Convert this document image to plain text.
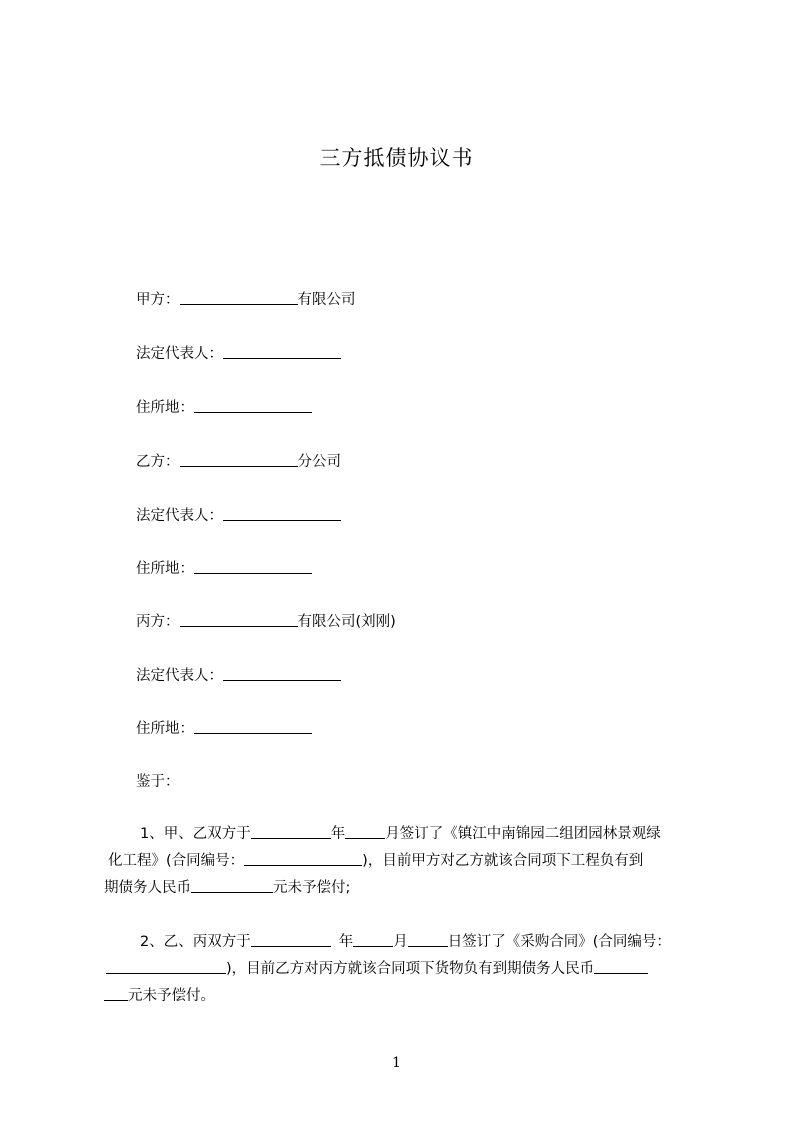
三方抵债协议书
甲方：	有限公司
法定代表人：
住所地：
乙方：	分公司
法定代表人：
住所地：
丙方：	有限公司(刘刚)
法定代表人：
住所地：
鉴于：
1、甲、乙双方于	年	月签订了《镇江中南锦园二组团园林景观绿
化工程》(合同编号：	)，目前甲方对乙方就该合同项下工程负有到
期债务人民币	元未予偿付;
2、乙、丙双方于	年	月	日签订了《采购合同》(合同编号：
)，目前乙方对丙方就该合同项下货物负有到期债务人民币
元未予偿付。
1
